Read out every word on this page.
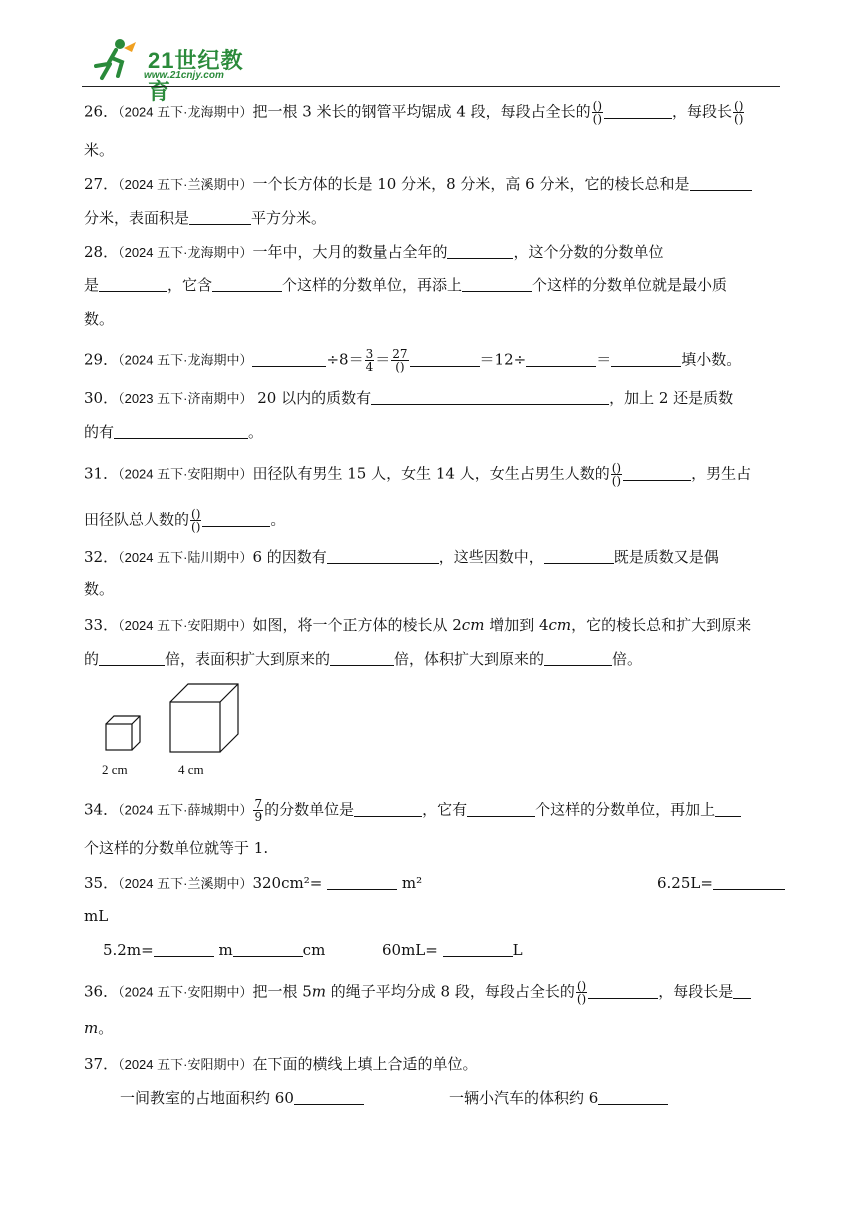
21世纪教育
www.21cnjy.com
26．（2024 五下·龙海期中）把一根 3 米长的钢管平均锯成 4 段，每段占全长的 ()
()	，每段长 ()
()
米。
27．（2024 五下·兰溪期中）一个长方体的长是 10 分米，8 分米，高 6 分米，它的棱长总和是
分米，表面积是	平方分米。
28．（2024 五下·龙海期中）一年中，大月的数量占全年的	，这个分数的分数单位
是	，它含	个这样的分数单位，再添上	个这样的分数单位就是最小质
数。
29．（2024 五下·龙海期中）	$\div 8= \frac{3}{4} = 27$
()	＝12÷	＝	填小数。
30．（2023 五下·济南期中） 20 以内的质数有	，加上 2 还是质数
的有	。
31．（2024 五下·安阳期中）田径队有男生 15 人，女生 14 人，女生占男生人数的 ()
()	，男生占
田径队总人数的 ()
()	。
32．（2024 五下·陆川期中）6 的因数有	，这些因数中，	既是质数又是偶
数。
33．（2024 五下·安阳期中）如图，将一个正方体的棱长从 2cm 增加到 4cm，它的棱长总和扩大到原来
的	倍，表面积扩大到原来的	倍，体积扩大到原来的	倍。
2 cm	4 cm
34．（2024 五下·薛城期中） $\frac{7}{9}$ 的分数单位是	，它有	个这样的分数单位，再加上
个这样的分数单位就等于 1.
35．（2024 五下·兰溪期中）320cm²=	m²	6.25L=
mL
5.2m=	m	cm	60mL=	L
36．（2024 五下·安阳期中）把一根 5m 的绳子平均分成 8 段，每段占全长的 ()
()	，每段长是
m。
37．（2024 五下·安阳期中）在下面的横线上填上合适的单位。
一间教室的占地面积约 60	一辆小汽车的体积约 6
